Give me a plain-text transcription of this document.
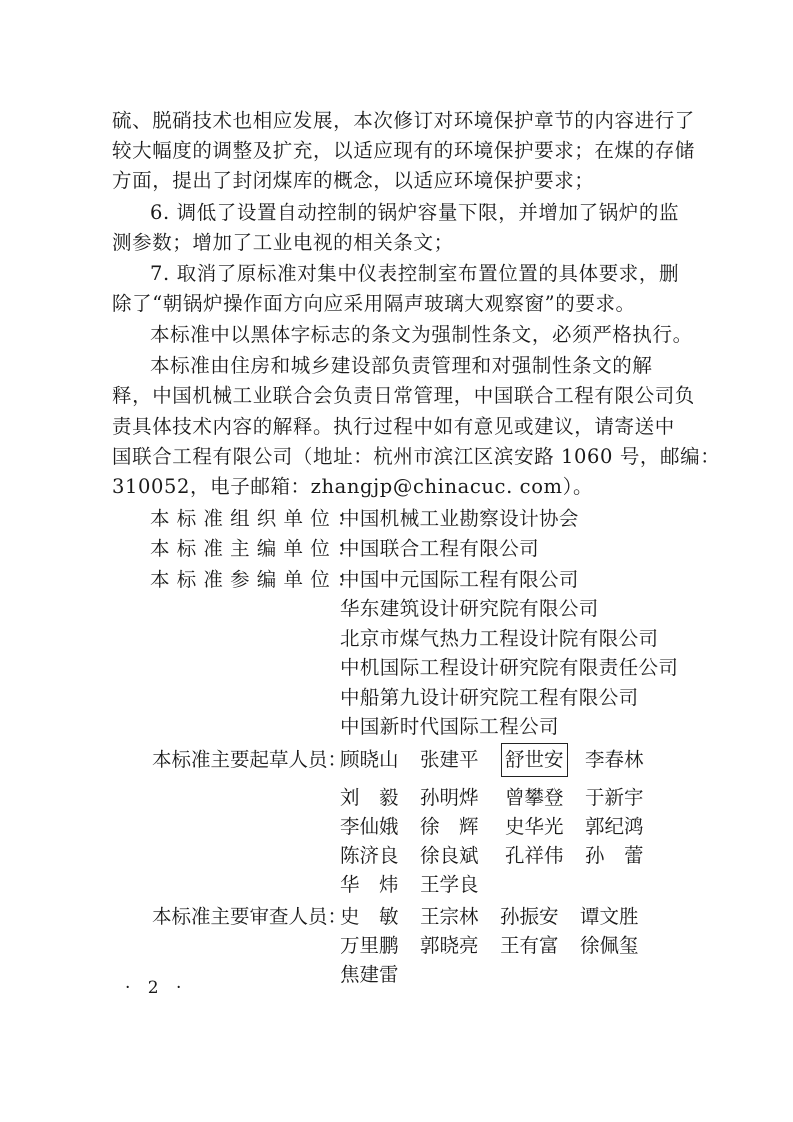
硫、脱硝技术也相应发展，本次修订对环境保护章节的内容进行了
较大幅度的调整及扩充，以适应现有的环境保护要求；在煤的存储
方面，提出了封闭煤库的概念，以适应环境保护要求；
6. 调低了设置自动控制的锅炉容量下限，并增加了锅炉的监
测参数；增加了工业电视的相关条文；
7. 取消了原标准对集中仪表控制室布置位置的具体要求，删
除了“朝锅炉操作面方向应采用隔声玻璃大观察窗”的要求。
本标准中以黑体字标志的条文为强制性条文，必须严格执行。
本标准由住房和城乡建设部负责管理和对强制性条文的解
释，中国机械工业联合会负责日常管理，中国联合工程有限公司负
责具体技术内容的解释。执行过程中如有意见或建议，请寄送中
国联合工程有限公司（地址：杭州市滨江区滨安路 1060 号，邮编：
310052，电子邮箱：zhangjp@chinacuc. com）。
本标准组织单位：
中国机械工业勘察设计协会
本标准主编单位：
中国联合工程有限公司
本标准参编单位：
中国中元国际工程有限公司
华东建筑设计研究院有限公司
北京市煤气热力工程设计院有限公司
中机国际工程设计研究院有限责任公司
中船第九设计研究院工程有限公司
中国新时代国际工程公司
本标准主要起草人员：
顾晓山 张建平 舒世安 李春林
刘　毅 孙明烨 曾攀登 于新宇
李仙娥 徐　辉 史华光 郭纪鸿
陈济良 徐良斌 孔祥伟 孙　蕾
华　炜 王学良
本标准主要审查人员：
史　敏 王宗林 孙振安 谭文胜
万里鹏 郭晓亮 王有富 徐佩玺
焦建雷
· 2 ·
